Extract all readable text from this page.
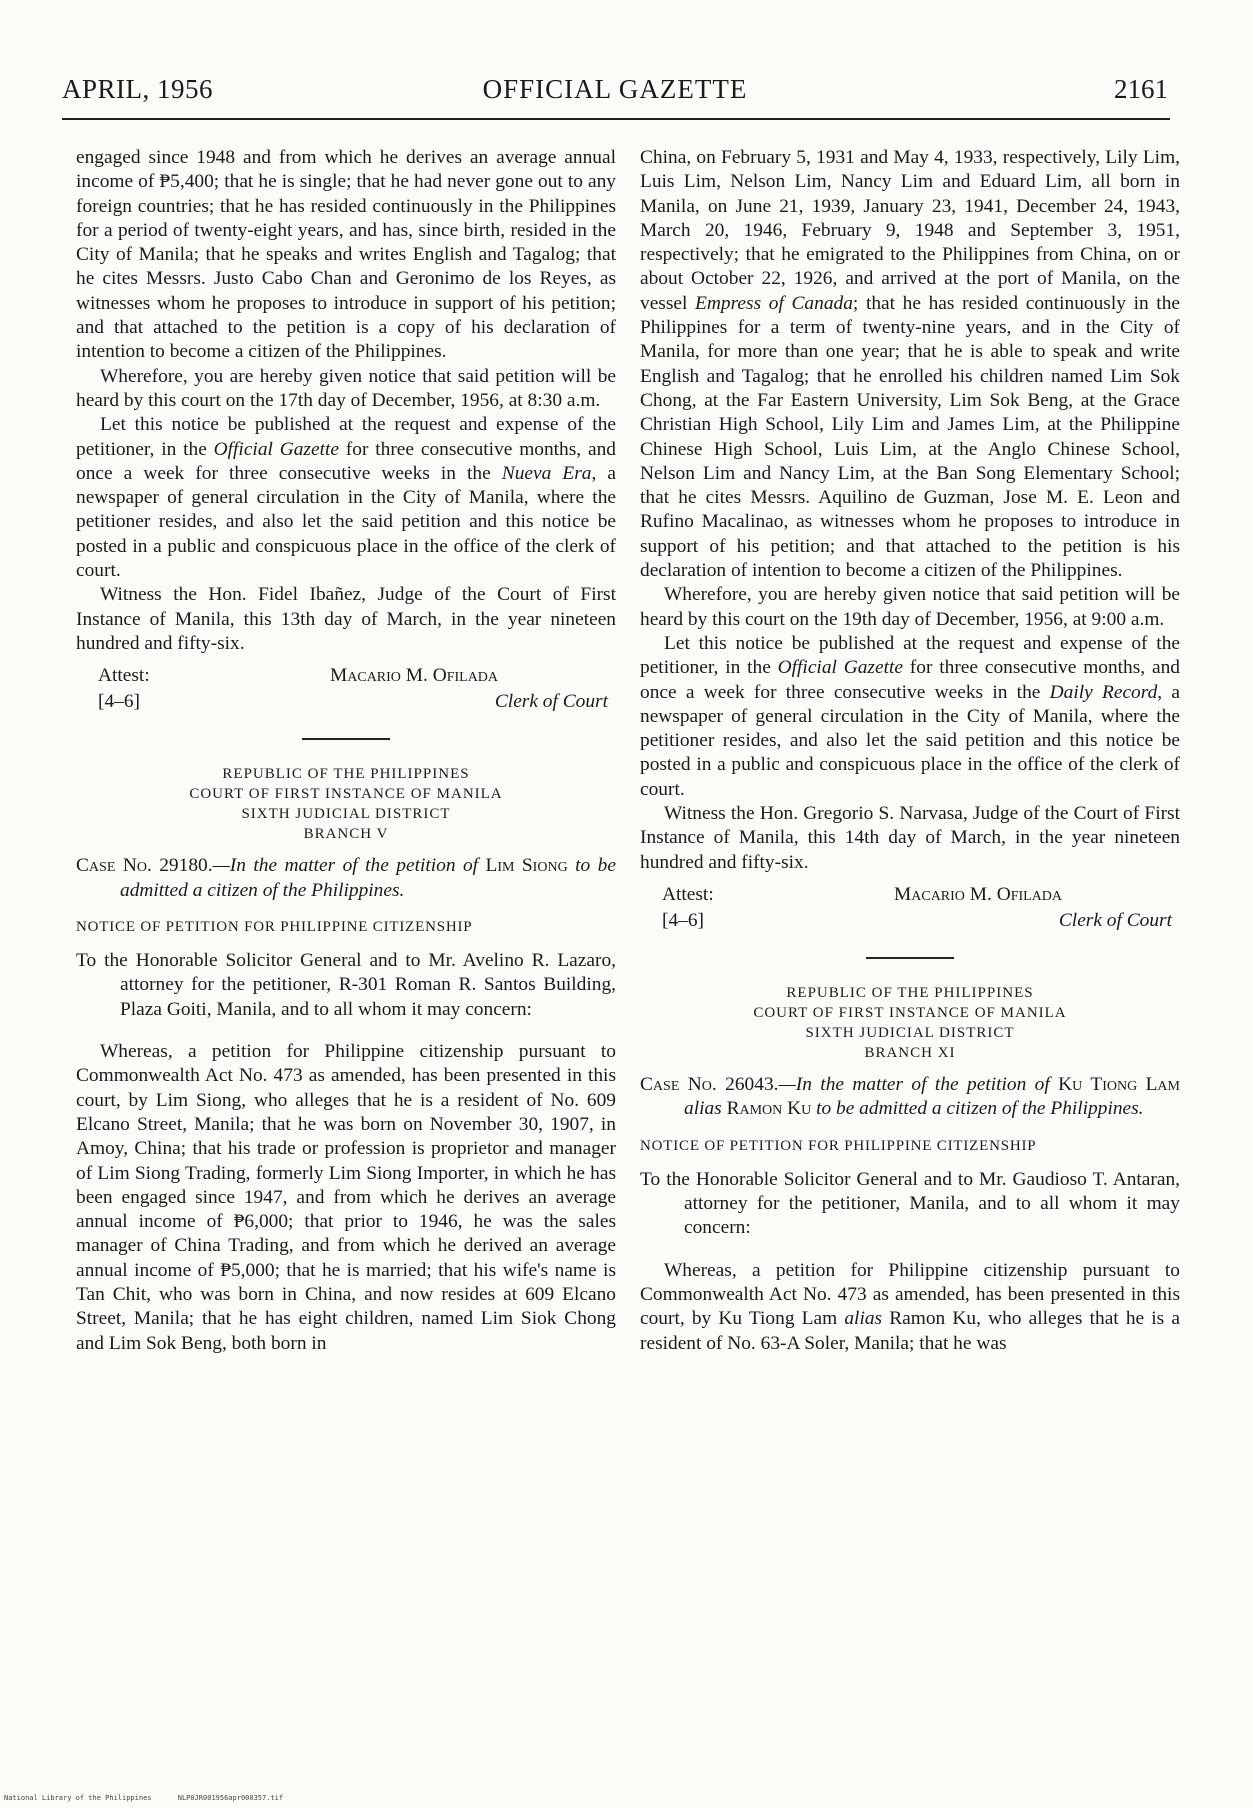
APRIL, 1956	OFFICIAL GAZETTE	2161

engaged since 1948 and from which he derives an average annual income of ₱5,400; that he is single; that he had never gone out to any foreign countries; that he has resided continuously in the Philippines for a period of twenty-eight years, and has, since birth, resided in the City of Manila; that he speaks and writes English and Tagalog; that he cites Messrs. Justo Cabo Chan and Geronimo de los Reyes, as witnesses whom he proposes to introduce in support of his petition; and that attached to the petition is a copy of his declaration of intention to become a citizen of the Philippines.

Wherefore, you are hereby given notice that said petition will be heard by this court on the 17th day of December, 1956, at 8:30 a.m.

Let this notice be published at the request and expense of the petitioner, in the Official Gazette for three consecutive months, and once a week for three consecutive weeks in the Nueva Era, a newspaper of general circulation in the City of Manila, where the petitioner resides, and also let the said petition and this notice be posted in a public and conspicuous place in the office of the clerk of court.

Witness the Hon. Fidel Ibañez, Judge of the Court of First Instance of Manila, this 13th day of March, in the year nineteen hundred and fifty-six.

Attest:
[4–6]
Macario M. Ofilada
Clerk of Court
REPUBLIC OF THE PHILIPPINES
COURT OF FIRST INSTANCE OF MANILA
SIXTH JUDICIAL DISTRICT
BRANCH V

Case No. 29180.—In the matter of the petition of Lim Siong to be admitted a citizen of the Philippines.

NOTICE OF PETITION FOR PHILIPPINE CITIZENSHIP

To the Honorable Solicitor General and to Mr. Avelino R. Lazaro, attorney for the petitioner, R-301 Roman R. Santos Building, Plaza Goiti, Manila, and to all whom it may concern:

Whereas, a petition for Philippine citizenship pursuant to Commonwealth Act No. 473 as amended, has been presented in this court, by Lim Siong, who alleges that he is a resident of No. 609 Elcano Street, Manila; that he was born on November 30, 1907, in Amoy, China; that his trade or profession is proprietor and manager of Lim Siong Trading, formerly Lim Siong Importer, in which he has been engaged since 1947, and from which he derives an average annual income of ₱6,000; that prior to 1946, he was the sales manager of China Trading, and from which he derived an average annual income of ₱5,000; that he is married; that his wife's name is Tan Chit, who was born in China, and now resides at 609 Elcano Street, Manila; that he has eight children, named Lim Siok Chong and Lim Sok Beng, both born in

China, on February 5, 1931 and May 4, 1933, respectively, Lily Lim, Luis Lim, Nelson Lim, Nancy Lim and Eduard Lim, all born in Manila, on June 21, 1939, January 23, 1941, December 24, 1943, March 20, 1946, February 9, 1948 and September 3, 1951, respectively; that he emigrated to the Philippines from China, on or about October 22, 1926, and arrived at the port of Manila, on the vessel Empress of Canada; that he has resided continuously in the Philippines for a term of twenty-nine years, and in the City of Manila, for more than one year; that he is able to speak and write English and Tagalog; that he enrolled his children named Lim Sok Chong, at the Far Eastern University, Lim Sok Beng, at the Grace Christian High School, Lily Lim and James Lim, at the Philippine Chinese High School, Luis Lim, at the Anglo Chinese School, Nelson Lim and Nancy Lim, at the Ban Song Elementary School; that he cites Messrs. Aquilino de Guzman, Jose M. E. Leon and Rufino Macalinao, as witnesses whom he proposes to introduce in support of his petition; and that attached to the petition is his declaration of intention to become a citizen of the Philippines.

Wherefore, you are hereby given notice that said petition will be heard by this court on the 19th day of December, 1956, at 9:00 a.m.

Let this notice be published at the request and expense of the petitioner, in the Official Gazette for three consecutive months, and once a week for three consecutive weeks in the Daily Record, a newspaper of general circulation in the City of Manila, where the petitioner resides, and also let the said petition and this notice be posted in a public and conspicuous place in the office of the clerk of court.

Witness the Hon. Gregorio S. Narvasa, Judge of the Court of First Instance of Manila, this 14th day of March, in the year nineteen hundred and fifty-six.

Attest:
[4–6]
Macario M. Ofilada
Clerk of Court
REPUBLIC OF THE PHILIPPINES
COURT OF FIRST INSTANCE OF MANILA
SIXTH JUDICIAL DISTRICT
BRANCH XI

Case No. 26043.—In the matter of the petition of Ku Tiong Lam alias Ramon Ku to be admitted a citizen of the Philippines.

NOTICE OF PETITION FOR PHILIPPINE CITIZENSHIP

To the Honorable Solicitor General and to Mr. Gaudioso T. Antaran, attorney for the petitioner, Manila, and to all whom it may concern:

Whereas, a petition for Philippine citizenship pursuant to Commonwealth Act No. 473 as amended, has been presented in this court, by Ku Tiong Lam alias Ramon Ku, who alleges that he is a resident of No. 63-A Soler, Manila; that he was

National Library of the Philippines	NLP0JR001956apr000357.tif
